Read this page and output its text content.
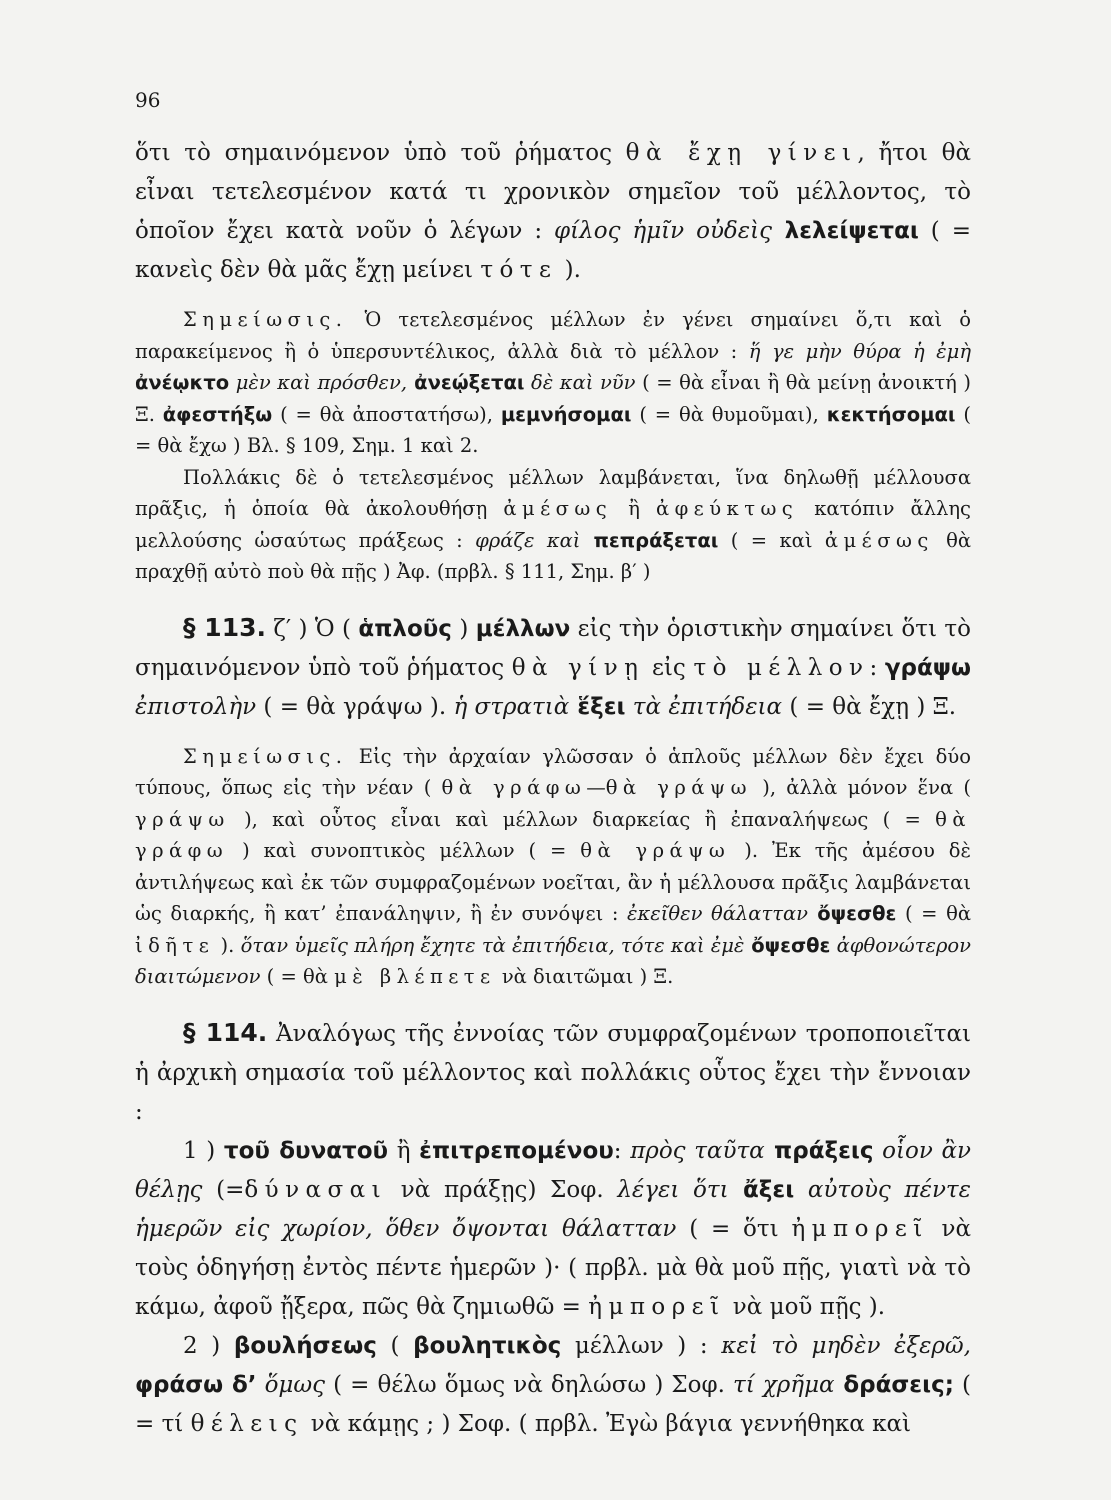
96

ὅτι τὸ σημαινόμενον ὑπὸ τοῦ ῥήματος θὰ ἔχῃ γίνει, ἤτοι θὰ εἶναι τετελεσμένον κατά τι χρονικὸν σημεῖον τοῦ μέλλοντος, τὸ ὁποῖον ἔχει κατὰ νοῦν ὁ λέγων : φίλος ἡμῖν οὐδεὶς λελείψεται ( = κανεὶς δὲν θὰ μᾶς ἔχῃ μείνει τότε ).

Σημείωσις. Ὁ τετελεσμένος μέλλων ἐν γένει σημαίνει ὅ,τι καὶ ὁ παρακείμενος ἢ ὁ ὑπερσυντέλικος, ἀλλὰ διὰ τὸ μέλλον : ἥ γε μὴν θύρα ἡ ἐμὴ ἀνέῳκτο μὲν καὶ πρόσθεν, ἀνεῴξεται δὲ καὶ νῦν ( = θὰ εἶναι ἢ θὰ μείνῃ ἀνοικτή ) Ξ. ἀφεστήξω ( = θὰ ἀποστατήσω), μεμνήσομαι ( = θὰ θυμοῦμαι), κεκτήσομαι ( = θὰ ἔχω ) Βλ. § 109, Σημ. 1 καὶ 2.

Πολλάκις δὲ ὁ τετελεσμένος μέλλων λαμβάνεται, ἵνα δηλωθῇ μέλλουσα πρᾶξις, ἡ ὁποία θὰ ἀκολουθήσῃ ἀμέσως ἢ ἀφεύκτως κατόπιν ἄλλης μελλούσης ὡσαύτως πράξεως : φράζε καὶ πεπράξεται ( = καὶ ἀμέσως θὰ πραχθῇ αὐτὸ ποὺ θὰ πῇς ) Ἀφ. (πρβλ. § 111, Σημ. β′ )

§ 113. ζ′ ) Ὁ ( ἁπλοῦς ) μέλλων εἰς τὴν ὁριστικὴν σημαίνει ὅτι τὸ σημαινόμενον ὑπὸ τοῦ ῥήματος θὰ γίνῃ εἰς τὸ μέλλον: γράψω ἐπιστολὴν ( = θὰ γράψω ). ἡ στρατιὰ ἕξει τὰ ἐπιτήδεια ( = θὰ ἔχῃ ) Ξ.

Σημείωσις. Εἰς τὴν ἀρχαίαν γλῶσσαν ὁ ἁπλοῦς μέλλων δὲν ἔχει δύο τύπους, ὅπως εἰς τὴν νέαν ( θὰ γράφω—θὰ γράψω ), ἀλλὰ μόνον ἕνα ( γράψω ), καὶ οὗτος εἶναι καὶ μέλλων διαρκείας ἢ ἐπαναλήψεως ( = θὰ γράφω ) καὶ συνοπτικὸς μέλλων ( = θὰ γράψω ). Ἐκ τῆς ἀμέσου δὲ ἀντιλήψεως καὶ ἐκ τῶν συμφραζομένων νοεῖται, ἂν ἡ μέλλουσα πρᾶξις λαμβάνεται ὡς διαρκής, ἢ κατ’ ἐπανάληψιν, ἢ ἐν συνόψει : ἐκεῖθεν θάλατταν ὄψεσθε ( = θὰ ἰδῆτε ). ὅταν ὑμεῖς πλήρη ἔχητε τὰ ἐπιτήδεια, τότε καὶ ἐμὲ ὄψεσθε ἀφθονώτερον διαιτώμενον ( = θὰ μὲ βλέπετε νὰ διαιτῶμαι ) Ξ.

§ 114. Ἀναλόγως τῆς ἐννοίας τῶν συμφραζομένων τροποποιεῖται ἡ ἀρχικὴ σημασία τοῦ μέλλοντος καὶ πολλάκις οὗτος ἔχει τὴν ἔννοιαν :

1 ) τοῦ δυνατοῦ ἢ ἐπιτρεπομένου: πρὸς ταῦτα πράξεις οἷον ἂν θέλῃς (=δύνασαι νὰ πράξῃς) Σοφ. λέγει ὅτι ἄξει αὐτοὺς πέντε ἡμερῶν εἰς χωρίον, ὅθεν ὄψονται θάλατταν ( = ὅτι ἠμπορεῖ νὰ τοὺς ὁδηγήσῃ ἐντὸς πέντε ἡμερῶν )· ( πρβλ. μὰ θὰ μοῦ πῇς, γιατὶ νὰ τὸ κάμω, ἀφοῦ ᾔξερα, πῶς θὰ ζημιωθῶ = ἠμπορεῖ νὰ μοῦ πῇς ).

2 ) βουλήσεως ( βουλητικὸς μέλλων ) : κεἰ τὸ μηδὲν ἐξερῶ, φράσω δ’ ὅμως ( = θέλω ὅμως νὰ δηλώσω ) Σοφ. τί χρῆμα δράσεις; ( = τί θέλεις νὰ κάμῃς ; ) Σοφ. ( πρβλ. Ἐγὼ βάγια γεννήθηκα καὶ
